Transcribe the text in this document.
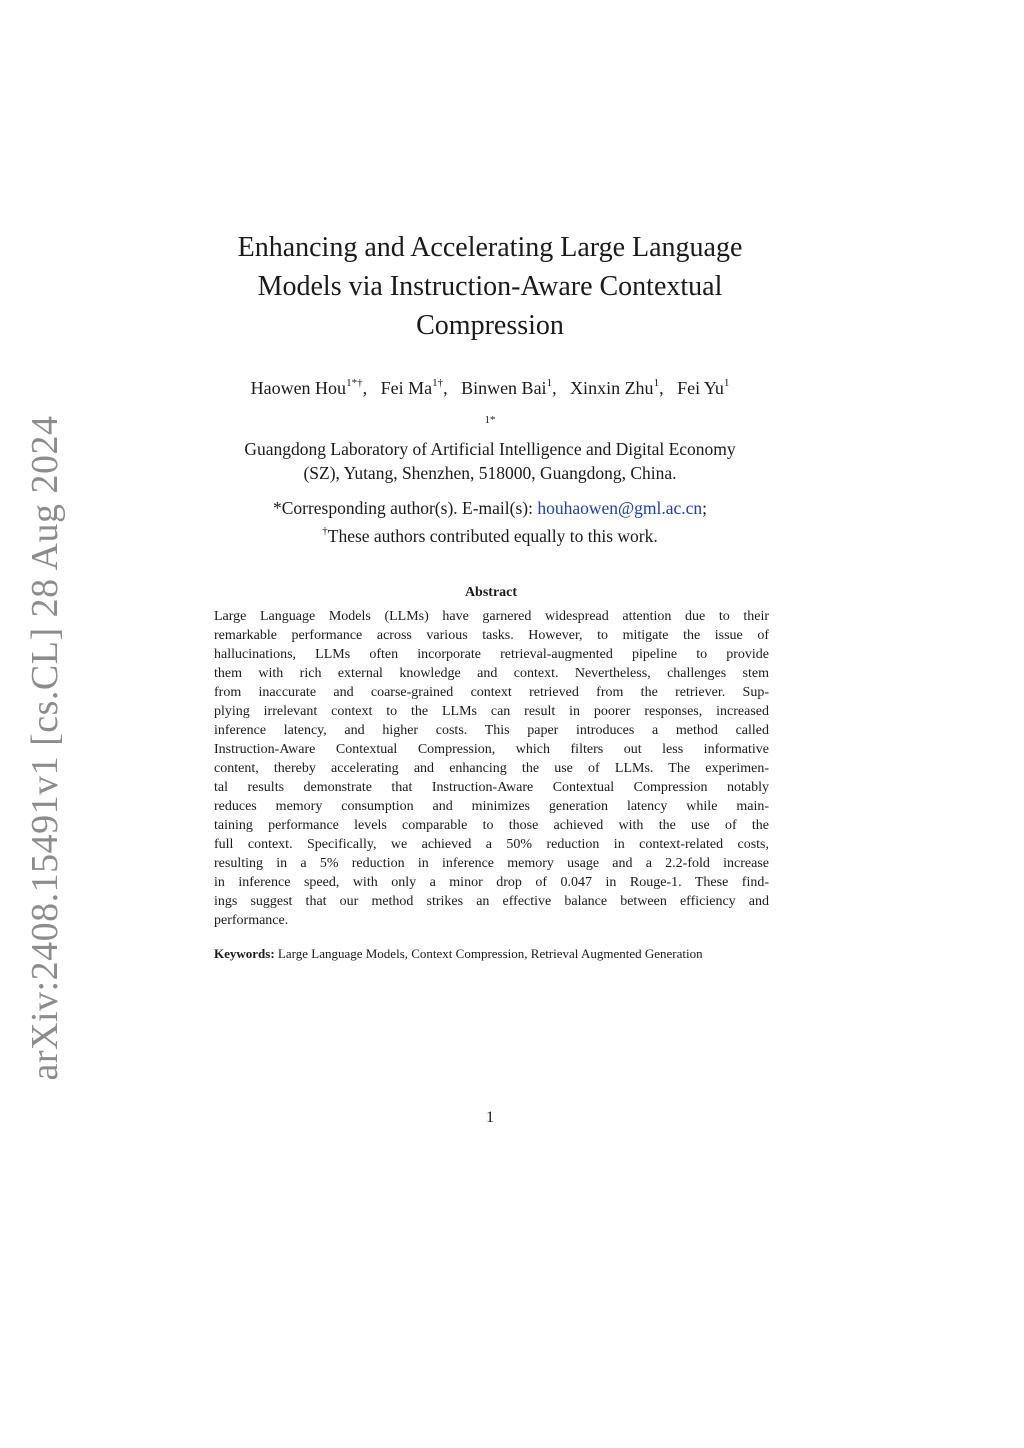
arXiv:2408.15491v1 [cs.CL] 28 Aug 2024
Enhancing and Accelerating Large Language
Models via Instruction-Aware Contextual
Compression
Haowen Hou$^{1*\dagger}$, Fei $Ma^{1\dagger}$, Binwen Bai$^1$, Xinxin Zhu$^1$, Fei Yu$^1$
$^{1*}$
Guangdong Laboratory of Artificial Intelligence and Digital Economy
(SZ), Yutang, Shenzhen, 518000, Guangdong, China.
*Corresponding author(s). E-mail(s): houhaowen@gml.ac.cn;
†These authors contributed equally to this work.
Abstract
Large Language Models (LLMs) have garnered widespread attention due to their
remarkable performance across various tasks. However, to mitigate the issue of
hallucinations, LLMs often incorporate retrieval-augmented pipeline to provide
them with rich external knowledge and context. Nevertheless, challenges stem
from inaccurate and coarse-grained context retrieved from the retriever. Sup-
plying irrelevant context to the LLMs can result in poorer responses, increased
inference latency, and higher costs. This paper introduces a method called
Instruction-Aware Contextual Compression, which filters out less informative
content, thereby accelerating and enhancing the use of LLMs. The experimen-
tal results demonstrate that Instruction-Aware Contextual Compression notably
reduces memory consumption and minimizes generation latency while main-
taining performance levels comparable to those achieved with the use of the
full context. Specifically, we achieved a 50% reduction in context-related costs,
resulting in a 5% reduction in inference memory usage and a 2.2-fold increase
in inference speed, with only a minor drop of 0.047 in Rouge-1. These find-
ings suggest that our method strikes an effective balance between efficiency and
performance.
Keywords: Large Language Models, Context Compression, Retrieval Augmented Generation
1
